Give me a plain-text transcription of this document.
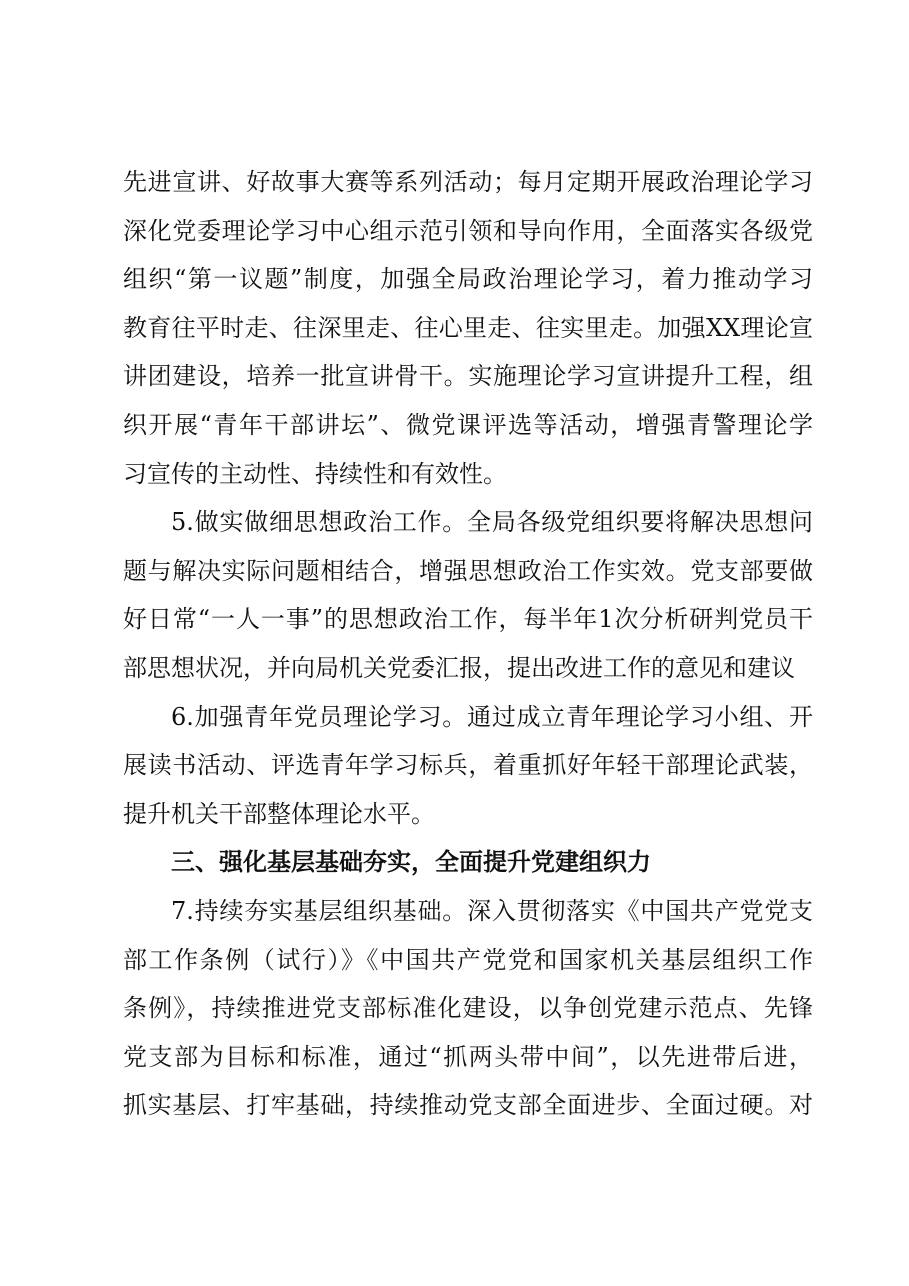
先进宣讲、好故事大赛等系列活动；每月定期开展政治理论学习
深化党委理论学习中心组示范引领和导向作用，全面落实各级党
组织“第一议题”制度，加强全局政治理论学习，着力推动学习
教育往平时走、往深里走、往心里走、往实里走。加强XX理论宣
讲团建设，培养一批宣讲骨干。实施理论学习宣讲提升工程，组
织开展“青年干部讲坛”、微党课评选等活动，增强青警理论学
习宣传的主动性、持续性和有效性。
5.做实做细思想政治工作。全局各级党组织要将解决思想问
题与解决实际问题相结合，增强思想政治工作实效。党支部要做
好日常“一人一事”的思想政治工作，每半年1次分析研判党员干
部思想状况，并向局机关党委汇报，提出改进工作的意见和建议
6.加强青年党员理论学习。通过成立青年理论学习小组、开
展读书活动、评选青年学习标兵，着重抓好年轻干部理论武装，
提升机关干部整体理论水平。
三、强化基层基础夯实，全面提升党建组织力
7.持续夯实基层组织基础。深入贯彻落实《中国共产党党支
部工作条例（试行）》《中国共产党党和国家机关基层组织工作
条例》，持续推进党支部标准化建设，以争创党建示范点、先锋
党支部为目标和标准，通过“抓两头带中间”，以先进带后进，
抓实基层、打牢基础，持续推动党支部全面进步、全面过硬。对
